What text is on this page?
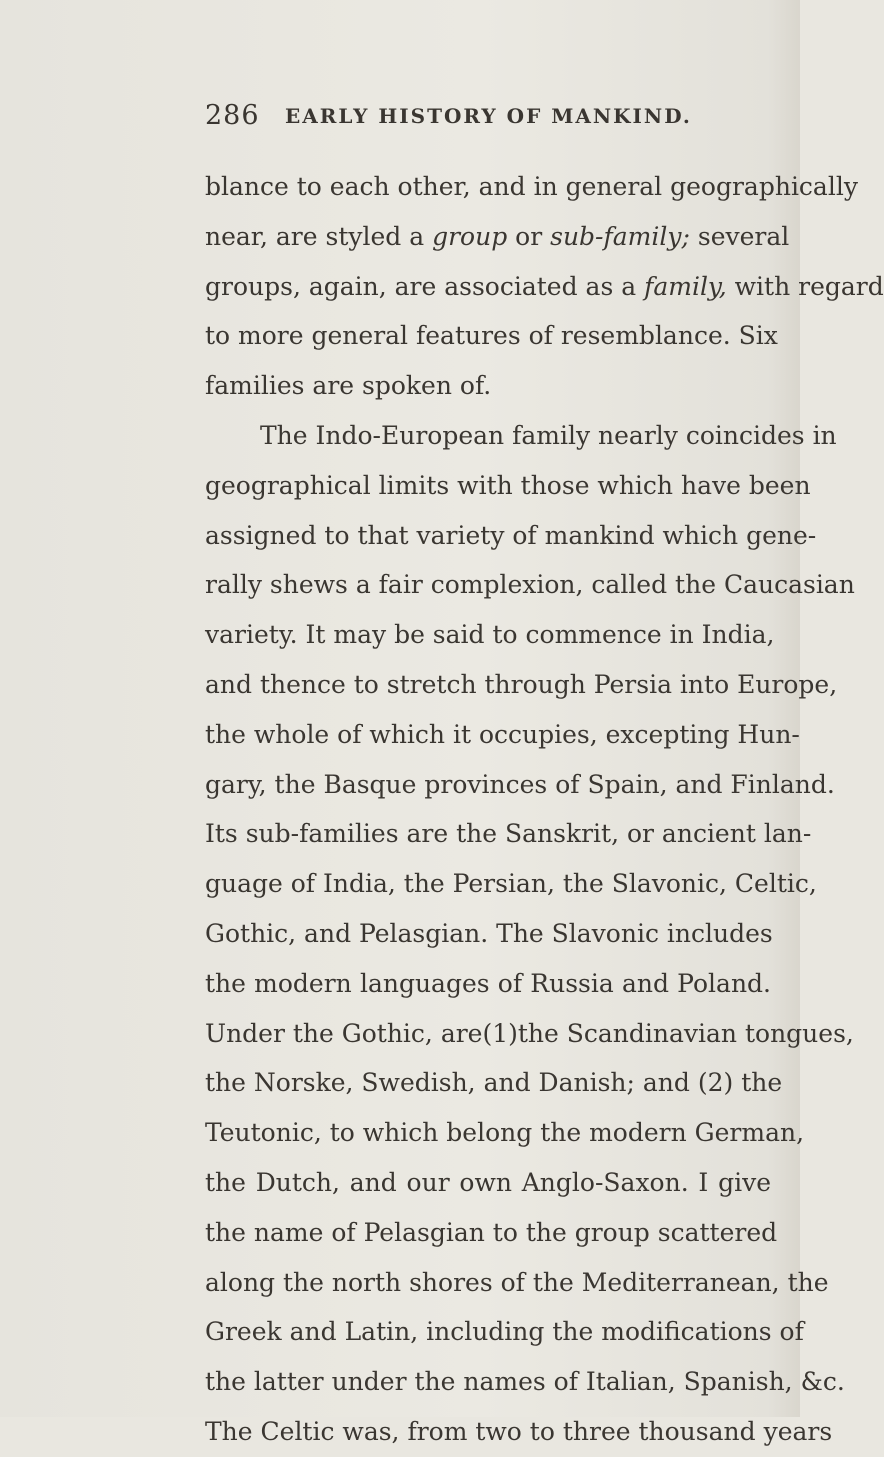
286 EARLY HISTORY OF MANKIND.
blance to each other, and in general geographically
near, are styled a group or sub-family; several
groups, again, are associated as a family, with regard
to more general features of resemblance. Six
families are spoken of.
The Indo-European family nearly coincides in
geographical limits with those which have been
assigned to that variety of mankind which gene-
rally shews a fair complexion, called the Caucasian
variety. It may be said to commence in India,
and thence to stretch through Persia into Europe,
the whole of which it occupies, excepting Hun-
gary, the Basque provinces of Spain, and Finland.
Its sub-families are the Sanskrit, or ancient lan-
guage of India, the Persian, the Slavonic, Celtic,
Gothic, and Pelasgian. The Slavonic includes
the modern languages of Russia and Poland.
Under the Gothic, are(1)the Scandinavian tongues,
the Norske, Swedish, and Danish; and (2) the
Teutonic, to which belong the modern German,
the Dutch, and our own Anglo-Saxon. I give
the name of Pelasgian to the group scattered
along the north shores of the Mediterranean, the
Greek and Latin, including the modifications of
the latter under the names of Italian, Spanish, &c.
The Celtic was, from two to three thousand years
